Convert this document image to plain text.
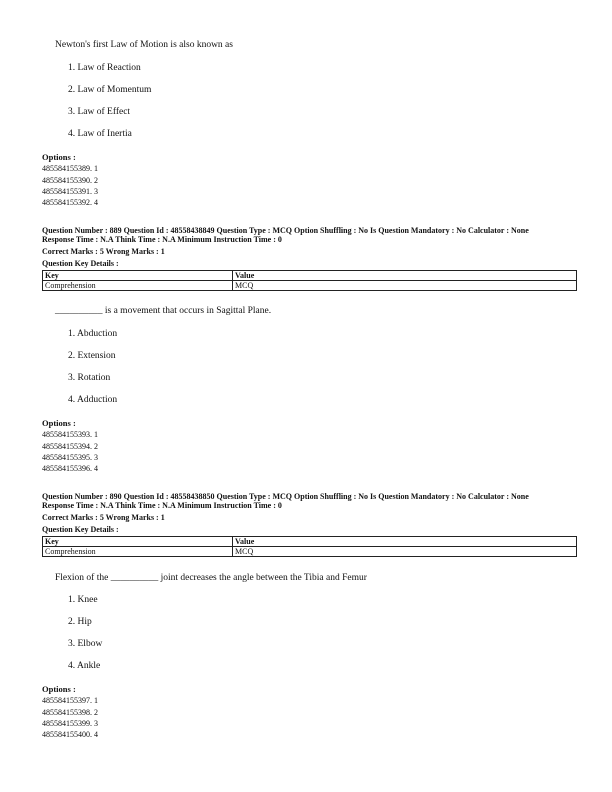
Newton's first Law of Motion is also known as
1. Law of Reaction
2. Law of Momentum
3. Law of Effect
4. Law of Inertia
Options :
485584155389. 1
485584155390. 2
485584155391. 3
485584155392. 4
Question Number : 889 Question Id : 48558438849 Question Type : MCQ Option Shuffling : No Is Question Mandatory : No Calculator : None
Response Time : N.A Think Time : N.A Minimum Instruction Time : 0
Correct Marks : 5 Wrong Marks : 1
Question Key Details :
Key	Value
Comprehension	MCQ
__________ is a movement that occurs in Sagittal Plane.
1. Abduction
2. Extension
3. Rotation
4. Adduction
Options :
485584155393. 1
485584155394. 2
485584155395. 3
485584155396. 4
Question Number : 890 Question Id : 48558438850 Question Type : MCQ Option Shuffling : No Is Question Mandatory : No Calculator : None
Response Time : N.A Think Time : N.A Minimum Instruction Time : 0
Correct Marks : 5 Wrong Marks : 1
Question Key Details :
Key	Value
Comprehension	MCQ
Flexion of the __________ joint decreases the angle between the Tibia and Femur
1. Knee
2. Hip
3. Elbow
4. Ankle
Options :
485584155397. 1
485584155398. 2
485584155399. 3
485584155400. 4
